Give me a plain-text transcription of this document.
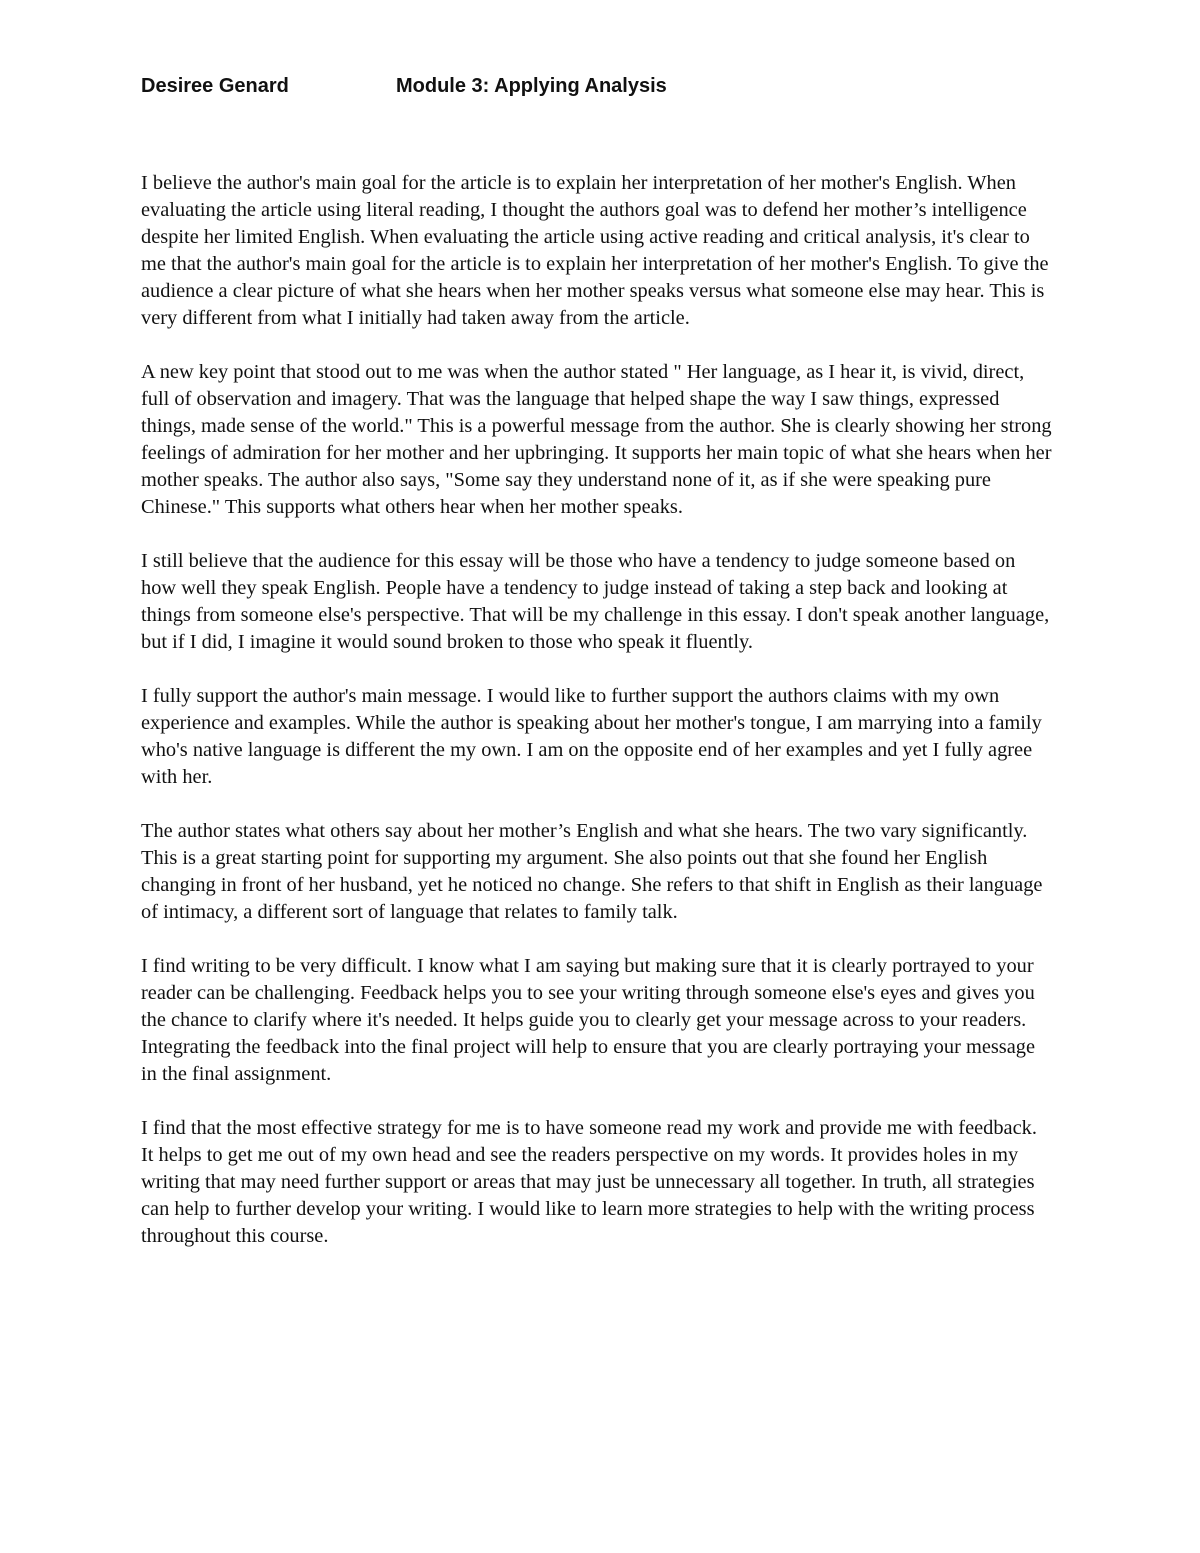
Desiree Genard	Module 3: Applying Analysis

I believe the author's main goal for the article is to explain her interpretation of her mother's English. When evaluating the article using literal reading, I thought the authors goal was to defend her mother’s intelligence despite her limited English. When evaluating the article using active reading and critical analysis, it's clear to me that the author's main goal for the article is to explain her interpretation of her mother's English. To give the audience a clear picture of what she hears when her mother speaks versus what someone else may hear. This is very different from what I initially had taken away from the article.

A new key point that stood out to me was when the author stated " Her language, as I hear it, is vivid, direct, full of observation and imagery. That was the language that helped shape the way I saw things, expressed things, made sense of the world." This is a powerful message from the author. She is clearly showing her strong feelings of admiration for her mother and her upbringing. It supports her main topic of what she hears when her mother speaks. The author also says, "Some say they understand none of it, as if she were speaking pure Chinese." This supports what others hear when her mother speaks.

I still believe that the audience for this essay will be those who have a tendency to judge someone based on how well they speak English. People have a tendency to judge instead of taking a step back and looking at things from someone else's perspective. That will be my challenge in this essay. I don't speak another language, but if I did, I imagine it would sound broken to those who speak it fluently.

I fully support the author's main message. I would like to further support the authors claims with my own experience and examples. While the author is speaking about her mother's tongue, I am marrying into a family who's native language is different the my own. I am on the opposite end of her examples and yet I fully agree with her.

The author states what others say about her mother’s English and what she hears. The two vary significantly. This is a great starting point for supporting my argument. She also points out that she found her English changing in front of her husband, yet he noticed no change. She refers to that shift in English as their language of intimacy, a different sort of language that relates to family talk.

I find writing to be very difficult. I know what I am saying but making sure that it is clearly portrayed to your reader can be challenging. Feedback helps you to see your writing through someone else's eyes and gives you the chance to clarify where it's needed. It helps guide you to clearly get your message across to your readers. Integrating the feedback into the final project will help to ensure that you are clearly portraying your message in the final assignment.

I find that the most effective strategy for me is to have someone read my work and provide me with feedback. It helps to get me out of my own head and see the readers perspective on my words. It provides holes in my writing that may need further support or areas that may just be unnecessary all together. In truth, all strategies can help to further develop your writing. I would like to learn more strategies to help with the writing process throughout this course.
